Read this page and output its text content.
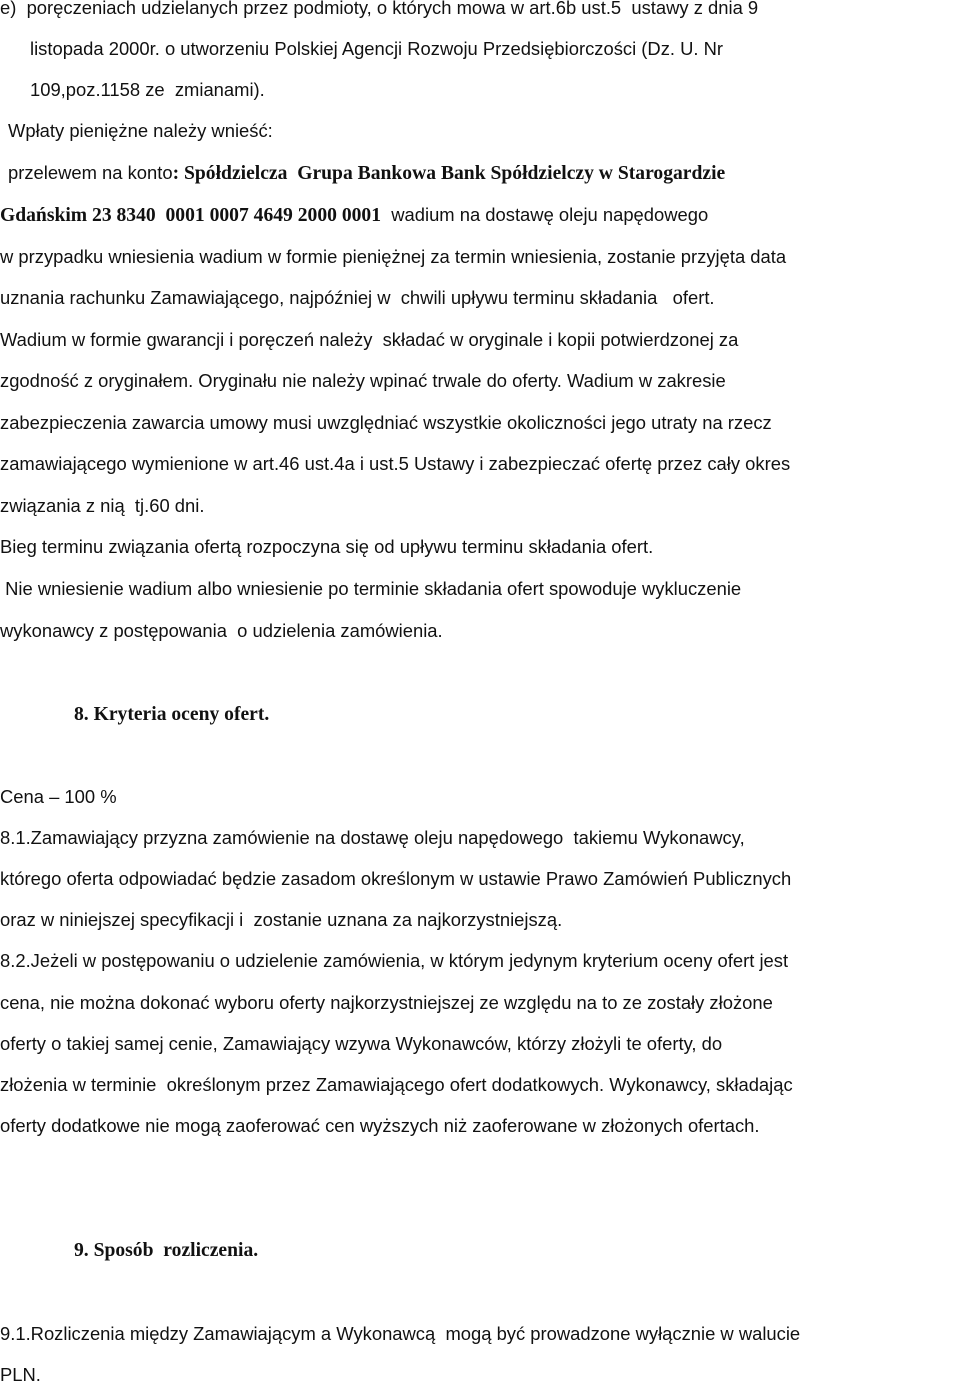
e)  poręczeniach udzielanych przez podmioty, o których mowa w art.6b ust.5  ustawy z dnia 9
listopada 2000r. o utworzeniu Polskiej Agencji Rozwoju Przedsiębiorczości (Dz. U. Nr
109,poz.1158 ze  zmianami).
Wpłaty pieniężne należy wnieść:
przelewem na konto: Spółdzielcza  Grupa Bankowa Bank Spółdzielczy w Starogardzie
Gdańskim 23 8340  0001 0007 4649 2000 0001  wadium na dostawę oleju napędowego
w przypadku wniesienia wadium w formie pieniężnej za termin wniesienia, zostanie przyjęta data
uznania rachunku Zamawiającego, najpóźniej w  chwili upływu terminu składania   ofert.
Wadium w formie gwarancji i poręczeń należy  składać w oryginale i kopii potwierdzonej za
zgodność z oryginałem. Oryginału nie należy wpinać trwale do oferty. Wadium w zakresie
zabezpieczenia zawarcia umowy musi uwzględniać wszystkie okoliczności jego utraty na rzecz
zamawiającego wymienione w art.46 ust.4a i ust.5 Ustawy i zabezpieczać ofertę przez cały okres
związania z nią  tj.60 dni.
Bieg terminu związania ofertą rozpoczyna się od upływu terminu składania ofert.
Nie wniesienie wadium albo wniesienie po terminie składania ofert spowoduje wykluczenie
wykonawcy z postępowania  o udzielenia zamówienia.
8. Kryteria oceny ofert.
Cena – 100 %
8.1.Zamawiający przyzna zamówienie na dostawę oleju napędowego  takiemu Wykonawcy,
którego oferta odpowiadać będzie zasadom określonym w ustawie Prawo Zamówień Publicznych
oraz w niniejszej specyfikacji i  zostanie uznana za najkorzystniejszą.
8.2.Jeżeli w postępowaniu o udzielenie zamówienia, w którym jedynym kryterium oceny ofert jest
cena, nie można dokonać wyboru oferty najkorzystniejszej ze względu na to ze zostały złożone
oferty o takiej samej cenie, Zamawiający wzywa Wykonawców, którzy złożyli te oferty, do
złożenia w terminie  określonym przez Zamawiającego ofert dodatkowych. Wykonawcy, składając
oferty dodatkowe nie mogą zaoferować cen wyższych niż zaoferowane w złożonych ofertach.
9. Sposób  rozliczenia.
9.1.Rozliczenia między Zamawiającym a Wykonawcą  mogą być prowadzone wyłącznie w walucie
PLN.
